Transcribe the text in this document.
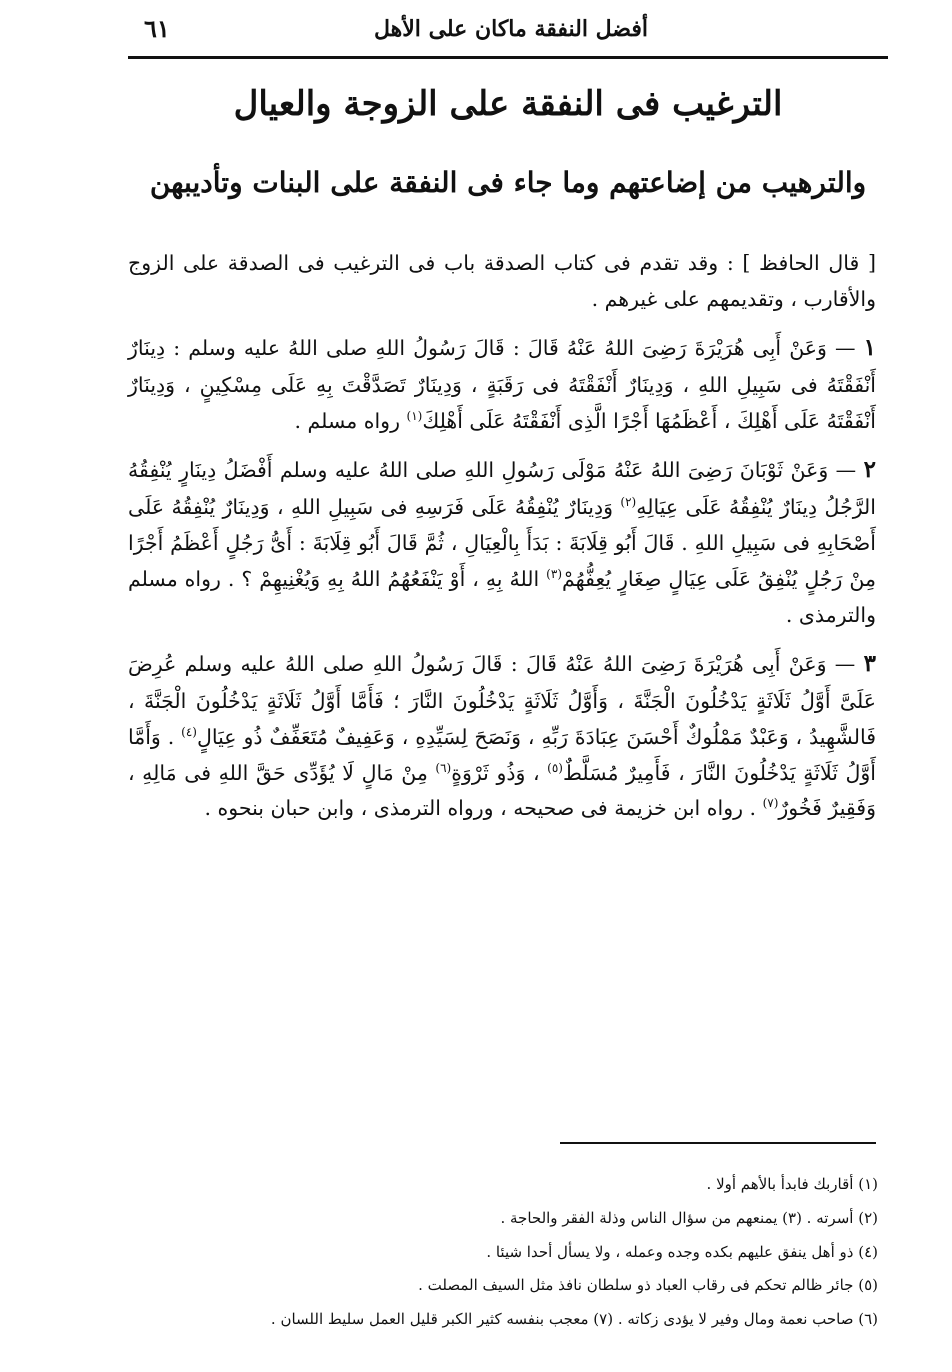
أفضل النفقة ماكان على الأهل
٦١
الترغيب فى النفقة على الزوجة والعيال
والترهيب من إضاعتهم وما جاء فى النفقة على البنات وتأديبهن

[ قال الحافظ ] : وقد تقدم فى كتاب الصدقة باب فى الترغيب فى الصدقة على الزوج والأقارب ، وتقديمهم على غيرهم .

١ — وَعَنْ أَبِى هُرَيْرَةَ رَضِىَ اللهُ عَنْهُ قَالَ : قَالَ رَسُولُ اللهِ صلى اللهُ عليه وسلم : دِينَارٌ أَنْفَقْتَهُ فى سَبِيلِ اللهِ ، وَدِينَارٌ أَنْفَقْتَهُ فى رَقَبَةٍ ، وَدِينَارٌ تَصَدَّقْتَ بِهِ عَلَى مِسْكِينٍ ، وَدِينَارٌ أَنْفَقْتَهُ عَلَى أَهْلِكَ ، أَعْظَمُهَا أَجْرًا الَّذِى أَنْفَقْتَهُ عَلَى أَهْلِكَ$^{(١)}$ رواه مسلم .

٢ — وَعَنْ ثَوْبَانَ رَضِىَ اللهُ عَنْهُ مَوْلَى رَسُولِ اللهِ صلى اللهُ عليه وسلم أَفْضَلُ دِينَارٍ يُنْفِقُهُ الرَّجُلُ دِينَارٌ يُنْفِقُهُ عَلَى عِيَالِهِ$^{(٢)}$ وَدِينَارٌ يُنْفِقُهُ عَلَى فَرَسِهِ فى سَبِيلِ اللهِ ، وَدِينَارٌ يُنْفِقُهُ عَلَى أَصْحَابِهِ فى سَبِيلِ اللهِ . قَالَ أَبُو قِلَابَةَ : بَدَأَ بِالْعِيَالِ ، ثُمَّ قَالَ أَبُو قِلَابَةَ : أَىُّ رَجُلٍ أَعْظَمُ أَجْرًا مِنْ رَجُلٍ يُنْفِقُ عَلَى عِيَالٍ صِغَارٍ يُعِفُّهُمْ$^{(٣)}$ اللهُ بِهِ ، أَوْ يَنْفَعُهُمُ اللهُ بِهِ وَيُغْنِيهِمْ ؟ . رواه مسلم والترمذى .

٣ — وَعَنْ أَبِى هُرَيْرَةَ رَضِىَ اللهُ عَنْهُ قَالَ : قَالَ رَسُولُ اللهِ صلى اللهُ عليه وسلم عُرِضَ عَلَىَّ أَوَّلُ ثَلَاثَةٍ يَدْخُلُونَ الْجَنَّةَ ، وَأَوَّلُ ثَلَاثَةٍ يَدْخُلُونَ النَّارَ ؛ فَأَمَّا أَوَّلُ ثَلَاثَةٍ يَدْخُلُونَ الْجَنَّةَ ، فَالشَّهِيدُ ، وَعَبْدٌ مَمْلُوكٌ أَحْسَنَ عِبَادَةَ رَبِّهِ ، وَنَصَحَ لِسَيِّدِهِ ، وَعَفِيفٌ مُتَعَفِّفٌ ذُو عِيَالٍ$^{(٤)}$ . وَأَمَّا أَوَّلُ ثَلَاثَةٍ يَدْخُلُونَ النَّارَ ، فَأَمِيرٌ مُسَلَّطٌ$^{(٥)}$ ، وَذُو ثَرْوَةٍ$^{(٦)}$ مِنْ مَالٍ لَا يُؤَدِّى حَقَّ اللهِ فى مَالِهِ ، وَفَقِيرٌ فَخُورٌ$^{(٧)}$ . رواه ابن خزيمة فى صحيحه ، ورواه الترمذى ، وابن حبان بنحوه .

(١) أقاربك فابدأ بالأهم أولا .
(٢) أسرته . (٣) يمنعهم من سؤال الناس وذلة الفقر والحاجة .
(٤) ذو أهل ينفق عليهم بكده وجده وعمله ، ولا يسأل أحدا شيئا .
(٥) جائر ظالم تحكم فى رقاب العباد ذو سلطان نافذ مثل السيف المصلت .
(٦) صاحب نعمة ومال وفير لا يؤدى زكاته . (٧) معجب بنفسه كثير الكبر قليل العمل سليط اللسان .
